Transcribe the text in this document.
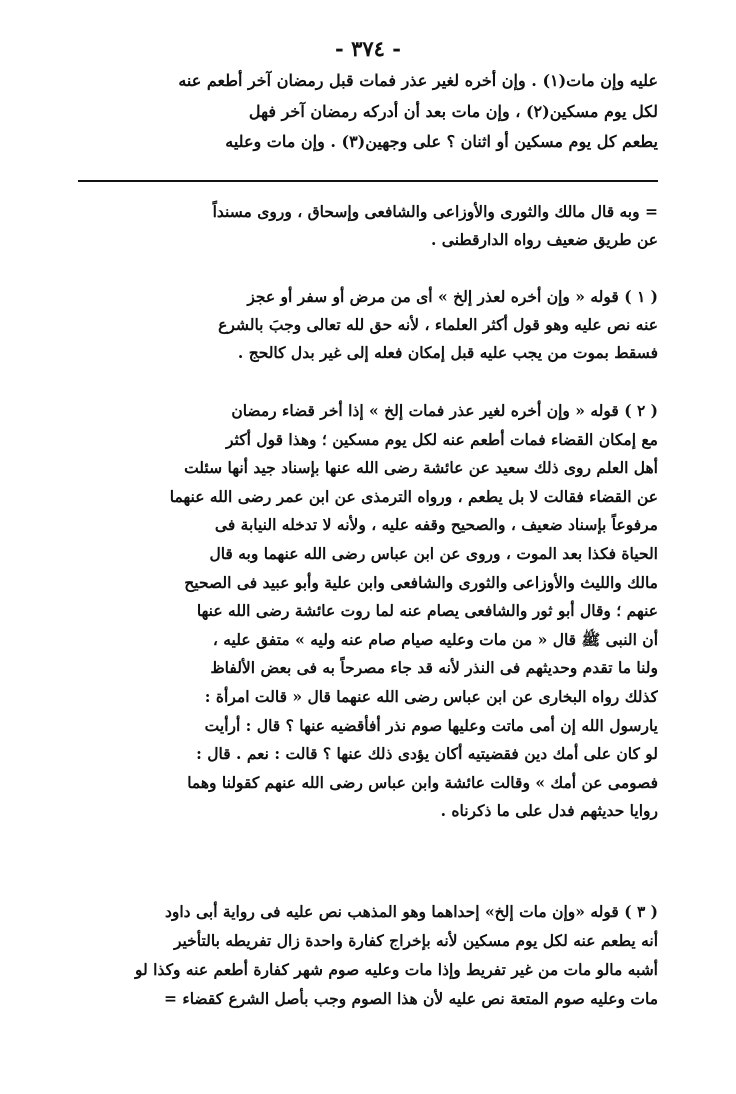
- ٣٧٤ -
عليه وإن مات(١) . وإن أخره لغير عذر فمات قبل رمضان آخر أطعم عنه
لكل يوم مسكين(٢) ، وإن مات بعد أن أدركه رمضان آخر فهل
يطعم كل يوم مسكين أو اثنان ؟ على وجهين(٣) . وإن مات وعليه
= وبه قال مالك والثورى والأوزاعى والشافعى وإسحاق ، وروى مسنداً
عن طريق ضعيف رواه الدارقطنى .
( ١ ) قوله « وإن أخره لعذر إلخ » أى من مرض أو سفر أو عجز
عنه نص عليه وهو قول أكثر العلماء ، لأنه حق لله تعالى وجبَ بالشرع
فسقط بموت من يجب عليه قبل إمكان فعله إلى غير بدل كالحج .
( ٢ ) قوله « وإن أخره لغير عذر فمات إلخ » إذا أخر قضاء رمضان
مع إمكان القضاء فمات أطعم عنه لكل يوم مسكين ؛ وهذا قول أكثر
أهل العلم روى ذلك سعيد عن عائشة رضى الله عنها بإسناد جيد أنها سئلت
عن القضاء فقالت لا بل يطعم ، ورواه الترمذى عن ابن عمر رضى الله عنهما
مرفوعاً بإسناد ضعيف ، والصحيح وقفه عليه ، ولأنه لا تدخله النيابة فى
الحياة فكذا بعد الموت ، وروى عن ابن عباس رضى الله عنهما وبه قال
مالك والليث والأوزاعى والثورى والشافعى وابن علية وأبو عبيد فى الصحيح
عنهم ؛ وقال أبو ثور والشافعى يصام عنه لما روت عائشة رضى الله عنها
أن النبى ﷺ قال « من مات وعليه صيام صام عنه وليه » متفق عليه ،
ولنا ما تقدم وحديثهم فى النذر لأنه قد جاء مصرحاً به فى بعض الألفاظ
كذلك رواه البخارى عن ابن عباس رضى الله عنهما قال « قالت امرأة :
يارسول الله إن أمى ماتت وعليها صوم نذر أفأقضيه عنها ؟ قال : أرأيت
لو كان على أمك دين فقضيتيه أكان يؤدى ذلك عنها ؟ قالت : نعم . قال :
فصومى عن أمك » وقالت عائشة وابن عباس رضى الله عنهم كقولنا وهما
روايا حديثهم فدل على ما ذكرناه .
( ٣ ) قوله «وإن مات إلخ» إحداهما وهو المذهب نص عليه فى رواية أبى داود
أنه يطعم عنه لكل يوم مسكين لأنه بإخراج كفارة واحدة زال تفريطه بالتأخير
أشبه مالو مات من غير تفريط وإذا مات وعليه صوم شهر كفارة أطعم عنه وكذا لو
مات وعليه صوم المتعة نص عليه لأن هذا الصوم وجب بأصل الشرع كقضاء =
